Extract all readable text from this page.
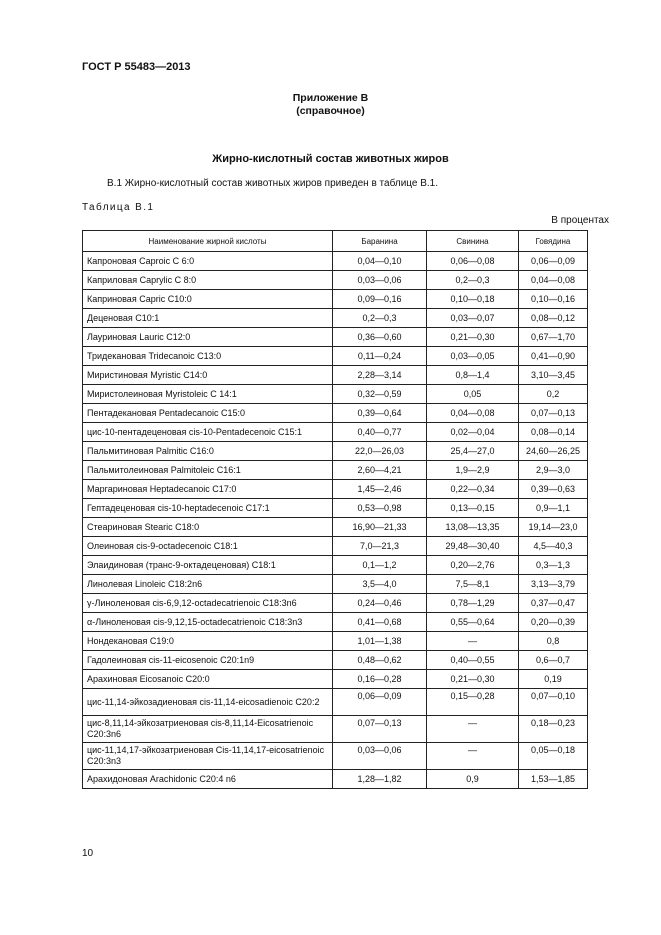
ГОСТ Р 55483—2013
Приложение В
(справочное)
Жирно-кислотный состав животных жиров
В.1 Жирно-кислотный состав животных жиров приведен в таблице В.1.
Таблица В.1
В процентах
Наименование жирной кислоты	Баранина	Свинина	Говядина
Капроновая Caproic С 6:0	0,04—0,10	0,06—0,08	0,06—0,09
Каприловая Caprylic С 8:0	0,03—0,06	0,2—0,3	0,04—0,08
Каприновая Capric С10:0	0,09—0,16	0,10—0,18	0,10—0,16
Деценовая С10:1	0,2—0,3	0,03—0,07	0,08—0,12
Лауриновая Lauric С12:0	0,36—0,60	0,21—0,30	0,67—1,70
Тридекановая Tridecanoic С13:0	0,11—0,24	0,03—0,05	0,41—0,90
Миристиновая Myristic С14:0	2,28—3,14	0,8—1,4	3,10—3,45
Миристолеиновая Myristoleic С 14:1	0,32—0,59	0,05	0,2
Пентадекановая Pentadecanoic С15:0	0,39—0,64	0,04—0,08	0,07—0,13
цис-10-пентадеценовая cis-10-Pentadecenoic С15:1	0,40—0,77	0,02—0,04	0,08—0,14
Пальмитиновая Palmitic С16:0	22,0—26,03	25,4—27,0	24,60—26,25
Пальмитолеиновая Palmitoleic С16:1	2,60—4,21	1,9—2,9	2,9—3,0
Маргариновая Heptadecanoic С17:0	1,45—2,46	0,22—0,34	0,39—0,63
Гептадеценовая cis-10-heptadecenoic С17:1	0,53—0,98	0,13—0,15	0,9—1,1
Стеариновая Stearic С18:0	16,90—21,33	13,08—13,35	19,14—23,0
Олеиновая cis-9-octadecenoic С18:1	7,0—21,3	29,48—30,40	4,5—40,3
Элаидиновая (транс-9-октадеценовая) С18:1	0,1—1,2	0,20—2,76	0,3—1,3
Линолевая Linoleic С18:2n6	3,5—4,0	7,5—8,1	3,13—3,79
γ-Линоленовая cis-6,9,12-octadecatrienoic С18:3n6	0,24—0,46	0,78—1,29	0,37—0,47
α-Линоленовая cis-9,12,15-octadecatrienoic С18:3n3	0,41—0,68	0,55—0,64	0,20—0,39
Нондекановая С19:0	1,01—1,38	—	0,8
Гадолеиновая cis-11-eicosenoic С20:1n9	0,48—0,62	0,40—0,55	0,6—0,7
Арахиновая Eicosanoic С20:0	0,16—0,28	0,21—0,30	0,19
цис-11,14-эйкозадиеновая cis-11,14-eicosadienoic С20:2	0,06—0,09	0,15—0,28	0,07—0,10
цис-8,11,14-эйкозатриеновая cis-8,11,14-Eicosatrienoic С20:3n6	0,07—0,13	—	0,18—0,23
цис-11,14,17-эйкозатриеновая Cis-11,14,17-eicosatrienoic С20:3n3	0,03—0,06	—	0,05—0,18
Арахидоновая Arachidonic С20:4 n6	1,28—1,82	0,9	1,53—1,85
10
